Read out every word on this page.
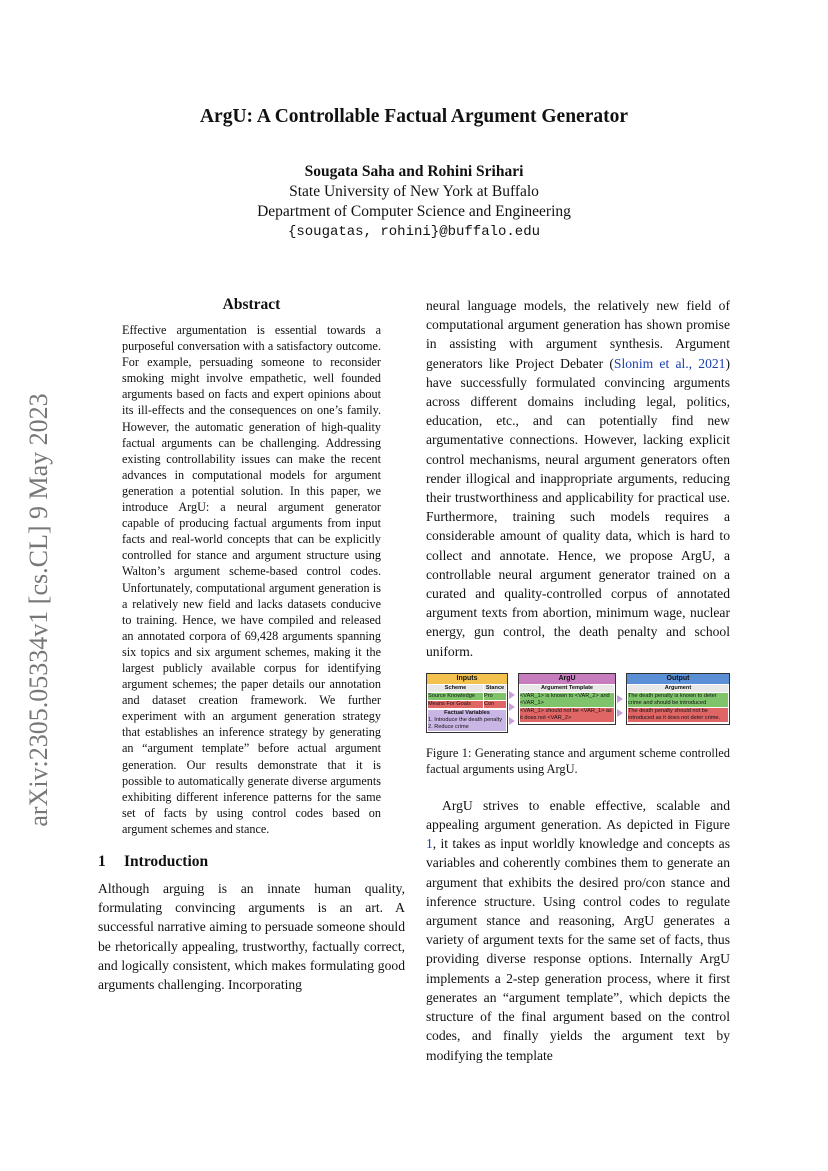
arXiv:2305.05334v1 [cs.CL] 9 May 2023
ArgU: A Controllable Factual Argument Generator
Sougata Saha and Rohini Srihari
State University of New York at Buffalo
Department of Computer Science and Engineering
{sougatas, rohini}@buffalo.edu
Abstract

Effective argumentation is essential towards a purposeful conversation with a satisfactory outcome. For example, persuading someone to reconsider smoking might involve empathetic, well founded arguments based on facts and expert opinions about its ill-effects and the consequences on one’s family. However, the automatic generation of high-quality factual arguments can be challenging. Addressing existing controllability issues can make the recent advances in computational models for argument generation a potential solution. In this paper, we introduce ArgU: a neural argument generator capable of producing factual arguments from input facts and real-world concepts that can be explicitly controlled for stance and argument structure using Walton’s argument scheme-based control codes. Unfortunately, computational argument generation is a relatively new field and lacks datasets conducive to training. Hence, we have compiled and released an annotated corpora of 69,428 arguments spanning six topics and six argument schemes, making it the largest publicly available corpus for identifying argument schemes; the paper details our annotation and dataset creation framework. We further experiment with an argument generation strategy that establishes an inference strategy by generating an “argument template” before actual argument generation. Our results demonstrate that it is possible to automatically generate diverse arguments exhibiting different inference patterns for the same set of facts by using control codes based on argument schemes and stance.

1 Introduction

Although arguing is an innate human quality, formulating convincing arguments is an art. A successful narrative aiming to persuade someone should be rhetorically appealing, trustworthy, factually correct, and logically consistent, which makes formulating good arguments challenging. Incorporating

neural language models, the relatively new field of computational argument generation has shown promise in assisting with argument synthesis. Argument generators like Project Debater (Slonim et al., 2021) have successfully formulated convincing arguments across different domains including legal, politics, education, etc., and can potentially find new argumentative connections. However, lacking explicit control mechanisms, neural argument generators often render illogical and inappropriate arguments, reducing their trustworthiness and applicability for practical use. Furthermore, training such models requires a considerable amount of quality data, which is hard to collect and annotate. Hence, we propose ArgU, a controllable neural argument generator trained on a curated and quality-controlled corpus of annotated argument texts from abortion, minimum wage, nuclear energy, gun control, the death penalty and school uniform.

Inputs
Scheme	Stance
Source Knowledge	Pro
Means For Goals	Con
Factual Variables
1. Introduce the death penalty
2. Reduce crime
ArgU
Argument Template
<VAR_1> is known to <VAR_2> and <VAR_1>
<VAR_1> should not be <VAR_1> as it does not <VAR_2>
Output
Argument
The death penalty is known to deter crime and should be introduced
The death penalty should not be introduced as it does not deter crime.

Figure 1: Generating stance and argument scheme controlled factual arguments using ArgU.

ArgU strives to enable effective, scalable and appealing argument generation. As depicted in Figure 1, it takes as input worldly knowledge and concepts as variables and coherently combines them to generate an argument that exhibits the desired pro/con stance and inference structure. Using control codes to regulate argument stance and reasoning, ArgU generates a variety of argument texts for the same set of facts, thus providing diverse response options. Internally ArgU implements a 2-step generation process, where it first generates an “argument template”, which depicts the structure of the final argument based on the control codes, and finally yields the argument text by modifying the template
